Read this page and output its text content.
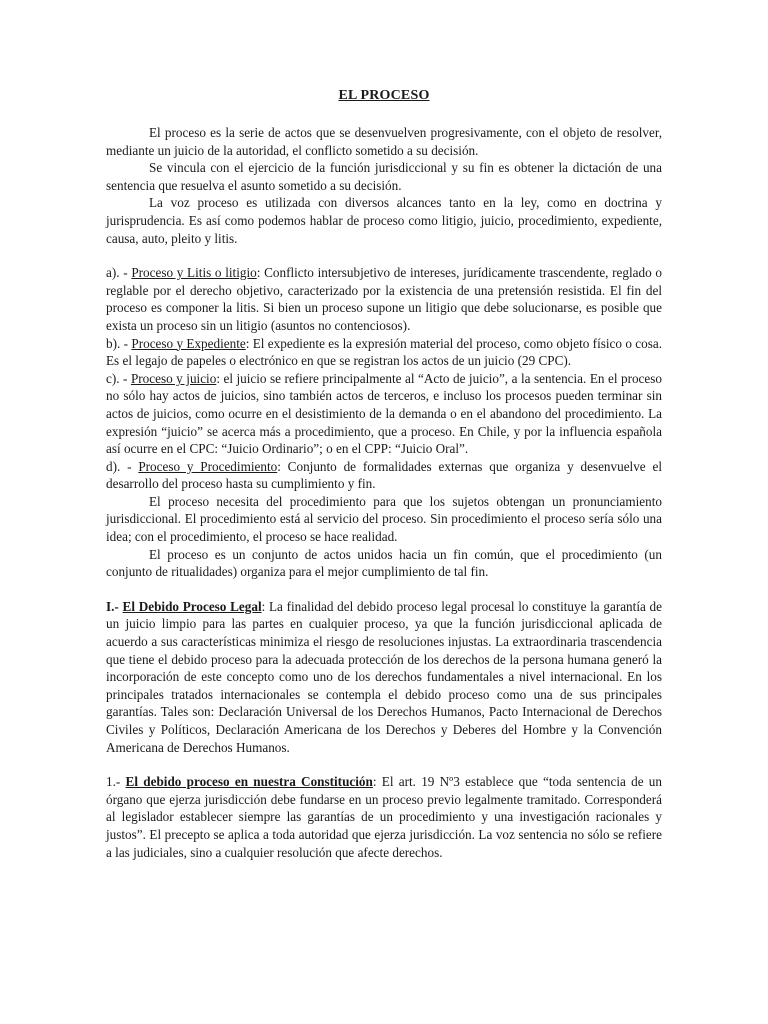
EL PROCESO

El proceso es la serie de actos que se desenvuelven progresivamente, con el objeto de resolver, mediante un juicio de la autoridad, el conflicto sometido a su decisión.

Se vincula con el ejercicio de la función jurisdiccional y su fin es obtener la dictación de una sentencia que resuelva el asunto sometido a su decisión.

La voz proceso es utilizada con diversos alcances tanto en la ley, como en doctrina y jurisprudencia. Es así como podemos hablar de proceso como litigio, juicio, procedimiento, expediente, causa, auto, pleito y litis.

a). - Proceso y Litis o litigio: Conflicto intersubjetivo de intereses, jurídicamente trascendente, reglado o reglable por el derecho objetivo, caracterizado por la existencia de una pretensión resistida. El fin del proceso es componer la litis. Si bien un proceso supone un litigio que debe solucionarse, es posible que exista un proceso sin un litigio (asuntos no contenciosos).

b). - Proceso y Expediente: El expediente es la expresión material del proceso, como objeto físico o cosa. Es el legajo de papeles o electrónico en que se registran los actos de un juicio (29 CPC).

c). - Proceso y juicio: el juicio se refiere principalmente al “Acto de juicio”, a la sentencia. En el proceso no sólo hay actos de juicios, sino también actos de terceros, e incluso los procesos pueden terminar sin actos de juicios, como ocurre en el desistimiento de la demanda o en el abandono del procedimiento. La expresión “juicio” se acerca más a procedimiento, que a proceso. En Chile, y por la influencia española así ocurre en el CPC: “Juicio Ordinario”; o en el CPP: “Juicio Oral”.

d). - Proceso y Procedimiento: Conjunto de formalidades externas que organiza y desenvuelve el desarrollo del proceso hasta su cumplimiento y fin.

El proceso necesita del procedimiento para que los sujetos obtengan un pronunciamiento jurisdiccional. El procedimiento está al servicio del proceso. Sin procedimiento el proceso sería sólo una idea; con el procedimiento, el proceso se hace realidad.

El proceso es un conjunto de actos unidos hacia un fin común, que el procedimiento (un conjunto de ritualidades) organiza para el mejor cumplimiento de tal fin.

I.- El Debido Proceso Legal: La finalidad del debido proceso legal procesal lo constituye la garantía de un juicio limpio para las partes en cualquier proceso, ya que la función jurisdiccional aplicada de acuerdo a sus características minimiza el riesgo de resoluciones injustas. La extraordinaria trascendencia que tiene el debido proceso para la adecuada protección de los derechos de la persona humana generó la incorporación de este concepto como uno de los derechos fundamentales a nivel internacional. En los principales tratados internacionales se contempla el debido proceso como una de sus principales garantías. Tales son: Declaración Universal de los Derechos Humanos, Pacto Internacional de Derechos Civiles y Políticos, Declaración Americana de los Derechos y Deberes del Hombre y la Convención Americana de Derechos Humanos.

1.- El debido proceso en nuestra Constitución: El art. 19 Nº3 establece que “toda sentencia de un órgano que ejerza jurisdicción debe fundarse en un proceso previo legalmente tramitado. Corresponderá al legislador establecer siempre las garantías de un procedimiento y una investigación racionales y justos”. El precepto se aplica a toda autoridad que ejerza jurisdicción. La voz sentencia no sólo se refiere a las judiciales, sino a cualquier resolución que afecte derechos.
